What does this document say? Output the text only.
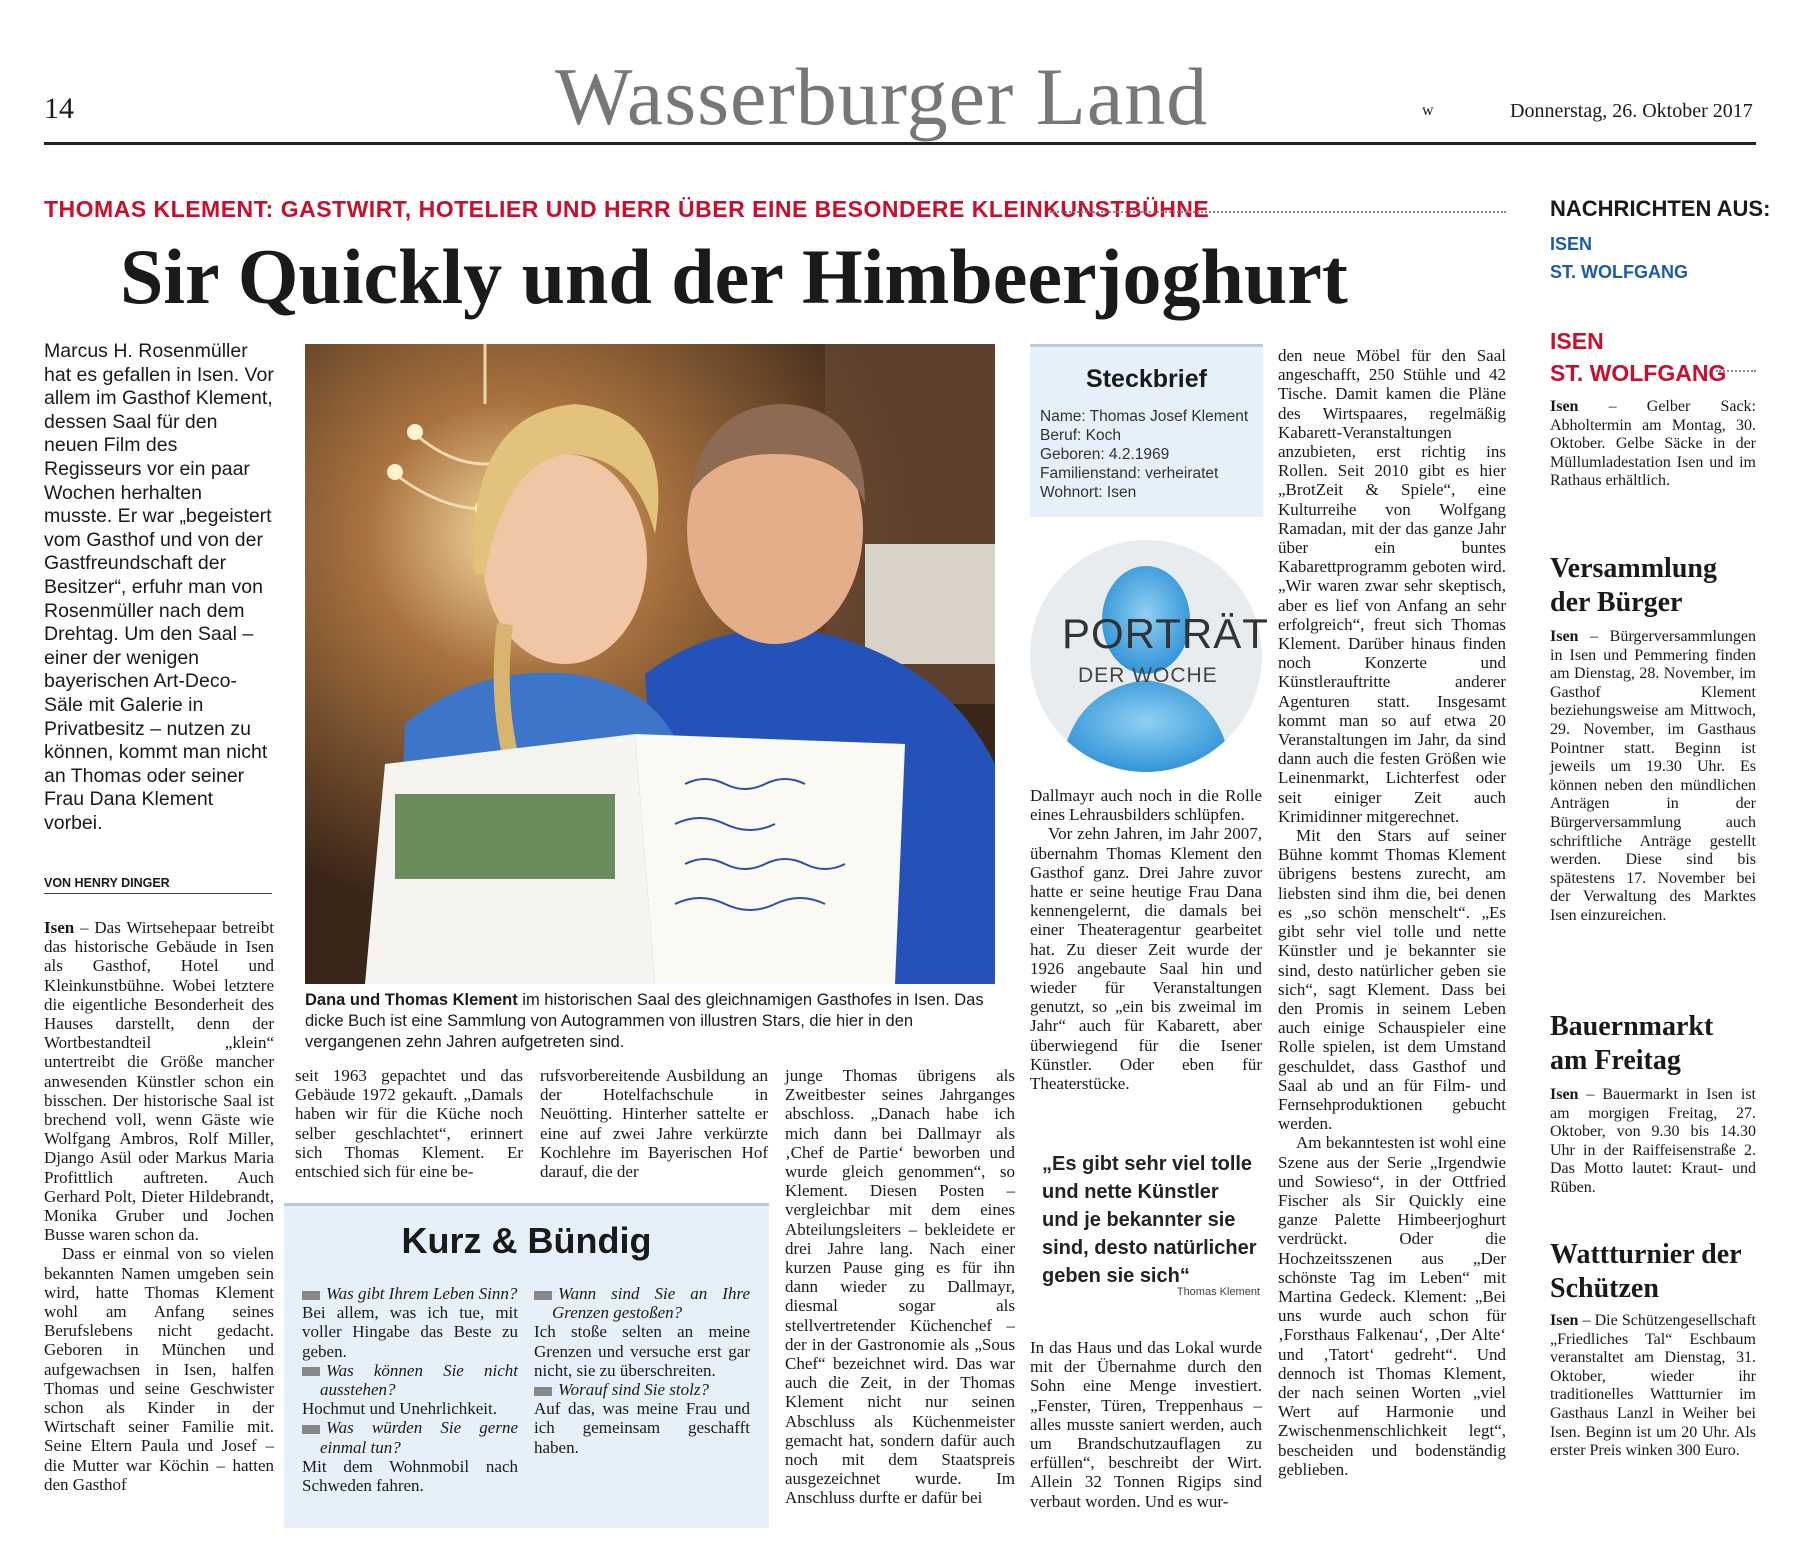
14	Wasserburger Land	w	Donnerstag, 26. Oktober 2017
THOMAS KLEMENT: GASTWIRT, HOTELIER UND HERR ÜBER EINE BESONDERE KLEINKUNSTBÜHNE
Sir Quickly und der Himbeerjoghurt
Marcus H. Rosenmüller hat es gefallen in Isen. Vor allem im Gasthof Klement, dessen Saal für den neuen Film des Regisseurs vor ein paar Wochen herhalten musste. Er war „begeistert vom Gasthof und von der Gastfreundschaft der Besitzer“, erfuhr man von Rosenmüller nach dem Drehtag. Um den Saal – einer der wenigen bayerischen Art-Deco-Säle mit Galerie in Privatbesitz – nutzen zu können, kommt man nicht an Thomas oder seiner Frau Dana Klement vorbei.
VON HENRY DINGER

Isen – Das Wirtsehepaar betreibt das historische Gebäude in Isen als Gasthof, Hotel und Kleinkunstbühne. Wobei letztere die eigentliche Besonderheit des Hauses darstellt, denn der Wortbestandteil „klein“ untertreibt die Größe mancher anwesenden Künstler schon ein bisschen. Der historische Saal ist brechend voll, wenn Gäste wie Wolfgang Ambros, Rolf Miller, Django Asül oder Markus Maria Profittlich auftreten. Auch Gerhard Polt, Dieter Hildebrandt, Monika Gruber und Jochen Busse waren schon da.

Dass er einmal von so vielen bekannten Namen umgeben sein wird, hatte Thomas Klement wohl am Anfang seines Berufslebens nicht gedacht. Geboren in München und aufgewachsen in Isen, halfen Thomas und seine Geschwister schon als Kinder in der Wirtschaft seiner Familie mit. Seine Eltern Paula und Josef – die Mutter war Köchin – hatten den Gasthof

Dana und Thomas Klement im historischen Saal des gleichnamigen Gasthofes in Isen. Das dicke Buch ist eine Sammlung von Autogrammen von illustren Stars, die hier in den vergangenen zehn Jahren aufgetreten sind.

seit 1963 gepachtet und das Gebäude 1972 gekauft. „Damals haben wir für die Küche noch selber geschlachtet“, erinnert sich Thomas Klement. Er entschied sich für eine be-

rufsvorbereitende Ausbildung an der Hotelfachschule in Neuötting. Hinterher sattelte er eine auf zwei Jahre verkürzte Kochlehre im Bayerischen Hof darauf, die der

Kurz & Bündig
Was gibt Ihrem Leben Sinn?
Bei allem, was ich tue, mit voller Hingabe das Beste zu geben.
Was können Sie nicht ausstehen?
Hochmut und Unehrlichkeit.
Was würden Sie gerne einmal tun?
Mit dem Wohnmobil nach Schweden fahren.
Wann sind Sie an Ihre Grenzen gestoßen?
Ich stoße selten an meine Grenzen und versuche erst gar nicht, sie zu überschreiten.
Worauf sind Sie stolz?
Auf das, was meine Frau und ich gemeinsam geschafft haben.

junge Thomas übrigens als Zweitbester seines Jahrganges abschloss. „Danach habe ich mich dann bei Dallmayr als ‚Chef de Partie‘ beworben und wurde gleich genommen“, so Klement. Diesen Posten – vergleichbar mit dem eines Abteilungsleiters – bekleidete er drei Jahre lang. Nach einer kurzen Pause ging es für ihn dann wieder zu Dallmayr, diesmal sogar als stellvertretender Küchenchef – der in der Gastronomie als „Sous Chef“ bezeichnet wird. Das war auch die Zeit, in der Thomas Klement nicht nur seinen Abschluss als Küchenmeister gemacht hat, sondern dafür auch noch mit dem Staatspreis ausgezeichnet wurde. Im Anschluss durfte er dafür bei

Steckbrief
Name: Thomas Josef Klement
Beruf: Koch
Geboren: 4.2.1969
Familienstand: verheiratet
Wohnort: Isen
PORTRÄT
DER WOCHE

Dallmayr auch noch in die Rolle eines Lehrausbilders schlüpfen.

Vor zehn Jahren, im Jahr 2007, übernahm Thomas Klement den Gasthof ganz. Drei Jahre zuvor hatte er seine heutige Frau Dana kennengelernt, die damals bei einer Theateragentur gearbeitet hat. Zu dieser Zeit wurde der 1926 angebaute Saal hin und wieder für Veranstaltungen genutzt, so „ein bis zweimal im Jahr“ auch für Kabarett, aber überwiegend für die Isener Künstler. Oder eben für Theaterstücke.

„Es gibt sehr viel tolle und nette Künstler und je bekannter sie sind, desto natürlicher geben sie sich“
Thomas Klement

In das Haus und das Lokal wurde mit der Übernahme durch den Sohn eine Menge investiert. „Fenster, Türen, Treppenhaus – alles musste saniert werden, auch um Brandschutzauflagen zu erfüllen“, beschreibt der Wirt. Allein 32 Tonnen Rigips sind verbaut worden. Und es wur-

den neue Möbel für den Saal angeschafft, 250 Stühle und 42 Tische. Damit kamen die Pläne des Wirtspaares, regelmäßig Kabarett-Veranstaltungen anzubieten, erst richtig ins Rollen. Seit 2010 gibt es hier „BrotZeit & Spiele“, eine Kulturreihe von Wolfgang Ramadan, mit der das ganze Jahr über ein buntes Kabarettprogramm geboten wird. „Wir waren zwar sehr skeptisch, aber es lief von Anfang an sehr erfolgreich“, freut sich Thomas Klement. Darüber hinaus finden noch Konzerte und Künstlerauftritte anderer Agenturen statt. Insgesamt kommt man so auf etwa 20 Veranstaltungen im Jahr, da sind dann auch die festen Größen wie Leinenmarkt, Lichterfest oder seit einiger Zeit auch Krimidinner mitgerechnet.

Mit den Stars auf seiner Bühne kommt Thomas Klement übrigens bestens zurecht, am liebsten sind ihm die, bei denen es „so schön menschelt“. „Es gibt sehr viel tolle und nette Künstler und je bekannter sie sind, desto natürlicher geben sie sich“, sagt Klement. Dass bei den Promis in seinem Leben auch einige Schauspieler eine Rolle spielen, ist dem Umstand geschuldet, dass Gasthof und Saal ab und an für Film- und Fernsehproduktionen gebucht werden.

Am bekanntesten ist wohl eine Szene aus der Serie „Irgendwie und Sowieso“, in der Ottfried Fischer als Sir Quickly eine ganze Palette Himbeerjoghurt verdrückt. Oder die Hochzeitsszenen aus „Der schönste Tag im Leben“ mit Martina Gedeck. Klement: „Bei uns wurde auch schon für ‚Forsthaus Falkenau‘, ‚Der Alte‘ und ‚Tatort‘ gedreht“. Und dennoch ist Thomas Klement, der nach seinen Worten „viel Wert auf Harmonie und Zwischenmenschlichkeit legt“, bescheiden und bodenständig geblieben.

NACHRICHTEN AUS:
ISEN
ST. WOLFGANG
ISEN
ST. WOLFGANG
Isen – Gelber Sack: Abholtermin am Montag, 30. Oktober. Gelbe Säcke in der Müllumladestation Isen und im Rathaus erhältlich.
Versammlung der Bürger
Isen – Bürgerversammlungen in Isen und Pemmering finden am Dienstag, 28. November, im Gasthof Klement beziehungsweise am Mittwoch, 29. November, im Gasthaus Pointner statt. Beginn ist jeweils um 19.30 Uhr. Es können neben den mündlichen Anträgen in der Bürgerversammlung auch schriftliche Anträge gestellt werden. Diese sind bis spätestens 17. November bei der Verwaltung des Marktes Isen einzureichen.
Bauernmarkt am Freitag
Isen – Bauermarkt in Isen ist am morgigen Freitag, 27. Oktober, von 9.30 bis 14.30 Uhr in der Raiffeisenstraße 2. Das Motto lautet: Kraut- und Rüben.
Wattturnier der Schützen
Isen – Die Schützengesellschaft „Friedliches Tal“ Eschbaum veranstaltet am Dienstag, 31. Oktober, wieder ihr traditionelles Wattturnier im Gasthaus Lanzl in Weiher bei Isen. Beginn ist um 20 Uhr. Als erster Preis winken 300 Euro.
